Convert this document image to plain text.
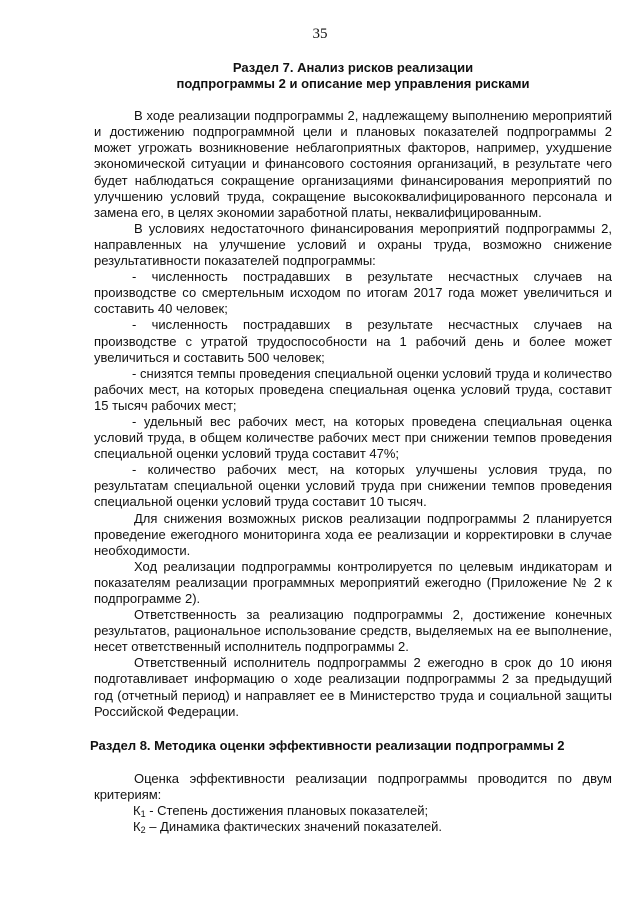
35
Раздел 7. Анализ рисков реализации
подпрограммы 2 и описание мер управления рисками

В ходе реализации подпрограммы 2, надлежащему выполнению мероприятий и достижению подпрограммной цели и плановых показателей подпрограммы 2 может угрожать возникновение неблагоприятных факторов, например, ухудшение экономической ситуации и финансового состояния организаций, в результате чего будет наблюдаться сокращение организациями финансирования мероприятий по улучшению условий труда, сокращение высококвалифицированного персонала и замена его, в целях экономии заработной платы, неквалифицированным.

В условиях недостаточного финансирования мероприятий подпрограммы 2, направленных на улучшение условий и охраны труда, возможно снижение результативности показателей подпрограммы:

- численность пострадавших в результате несчастных случаев на производстве со смертельным исходом по итогам 2017 года может увеличиться и составить 40 человек;

- численность пострадавших в результате несчастных случаев на производстве с утратой трудоспособности на 1 рабочий день и более может увеличиться и составить 500 человек;

- снизятся темпы проведения специальной оценки условий труда и количество рабочих мест, на которых проведена специальная оценка условий труда, составит 15 тысяч рабочих мест;

- удельный вес рабочих мест, на которых проведена специальная оценка условий труда, в общем количестве рабочих мест при снижении темпов проведения специальной оценки условий труда составит 47%;

- количество рабочих мест, на которых улучшены условия труда, по результатам специальной оценки условий труда при снижении темпов проведения специальной оценки условий труда составит 10 тысяч.

Для снижения возможных рисков реализации подпрограммы 2 планируется проведение ежегодного мониторинга хода ее реализации и корректировки в случае необходимости.

Ход реализации подпрограммы контролируется по целевым индикаторам и показателям реализации программных мероприятий ежегодно (Приложение № 2 к подпрограмме 2).

Ответственность за реализацию подпрограммы 2, достижение конечных результатов, рациональное использование средств, выделяемых на ее выполнение, несет ответственный исполнитель подпрограммы 2.

Ответственный исполнитель подпрограммы 2 ежегодно в срок до 10 июня подготавливает информацию о ходе реализации подпрограммы 2 за предыдущий год (отчетный период) и направляет ее в Министерство труда и социальной защиты Российской Федерации.

Раздел 8. Методика оценки эффективности реализации подпрограммы 2

Оценка эффективности реализации подпрограммы проводится по двум критериям:

$К_1$ - Степень достижения плановых показателей;

$К_2$ – Динамика фактических значений показателей.
